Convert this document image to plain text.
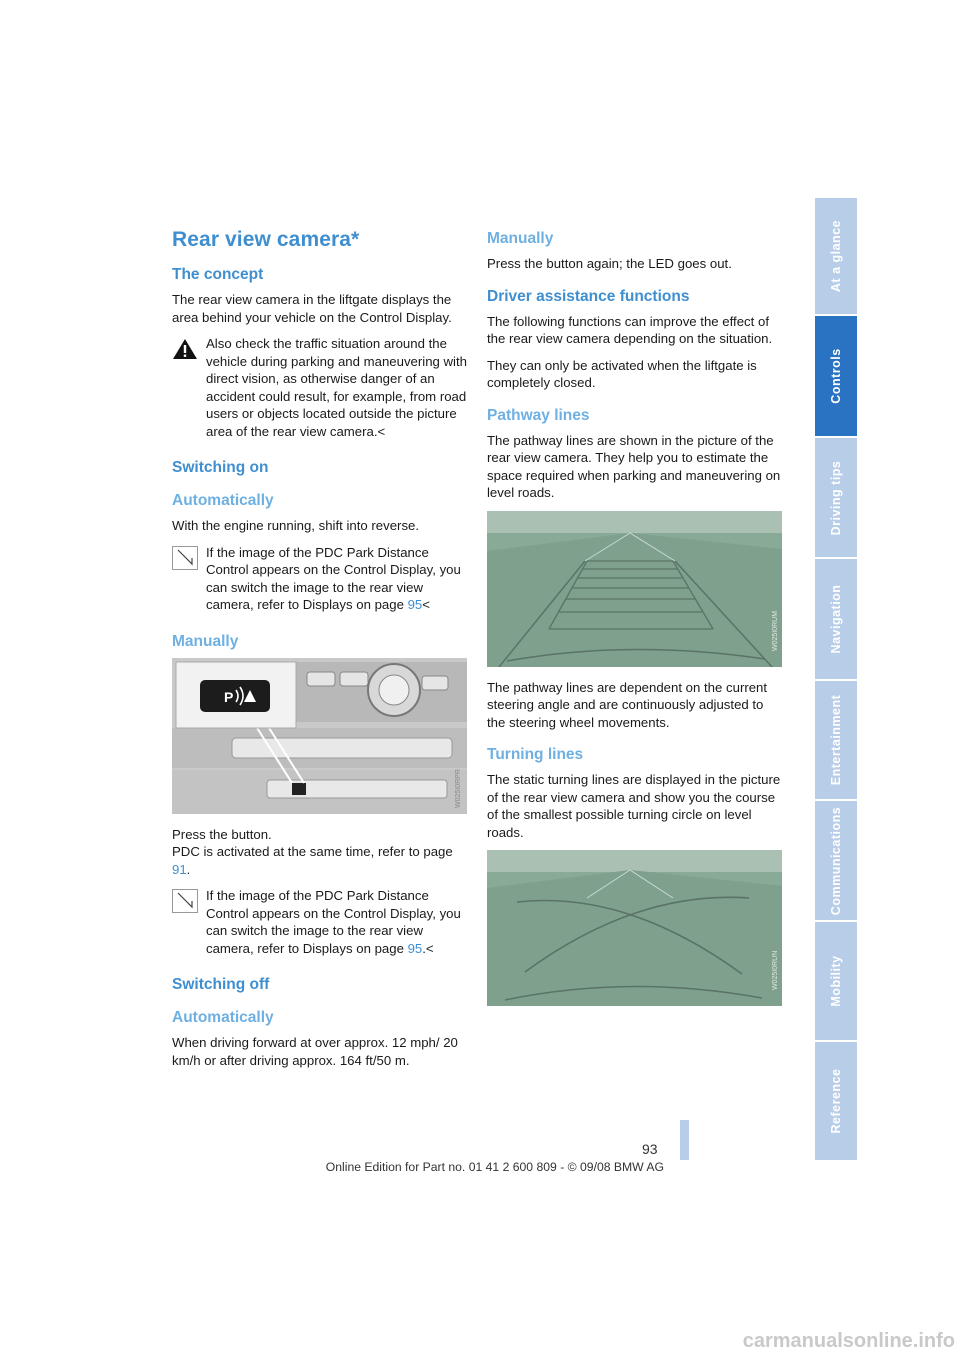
At a glance
Controls
Driving tips
Navigation
Entertainment
Communications
Mobility
Reference
Rear view camera*
The concept

The rear view camera in the liftgate displays the area behind your vehicle on the Control Display.

Also check the traffic situation around the vehicle during parking and maneuvering with direct vision, as otherwise danger of an accident could result, for example, from road users or objects located outside the picture area of the rear view camera.<
Switching on
Automatically

With the engine running, shift into reverse.

If the image of the PDC Park Distance Control appears on the Control Display, you can switch the image to the rear view camera, refer to Displays on page 95<
Manually
P
W025I0RPR

Press the button.

PDC is activated at the same time, refer to page 91.

If the image of the PDC Park Distance Control appears on the Control Display, you can switch the image to the rear view camera, refer to Displays on page 95.<
Switching off
Automatically

When driving forward at over approx. 12 mph/ 20 km/h or after driving approx. 164 ft/50 m.

Manually

Press the button again; the LED goes out.

Driver assistance functions

The following functions can improve the effect of the rear view camera depending on the situation.

They can only be activated when the liftgate is completely closed.

Pathway lines

The pathway lines are shown in the picture of the rear view camera. They help you to estimate the space required when parking and maneuvering on level roads.

W025I0RUM

The pathway lines are dependent on the current steering angle and are continuously adjusted to the steering wheel movements.

Turning lines

The static turning lines are displayed in the picture of the rear view camera and show you the course of the smallest possible turning circle on level roads.

W025I0RUN
93
Online Edition for Part no. 01 41 2 600 809 - © 09/08 BMW AG
carmanualsonline.info
